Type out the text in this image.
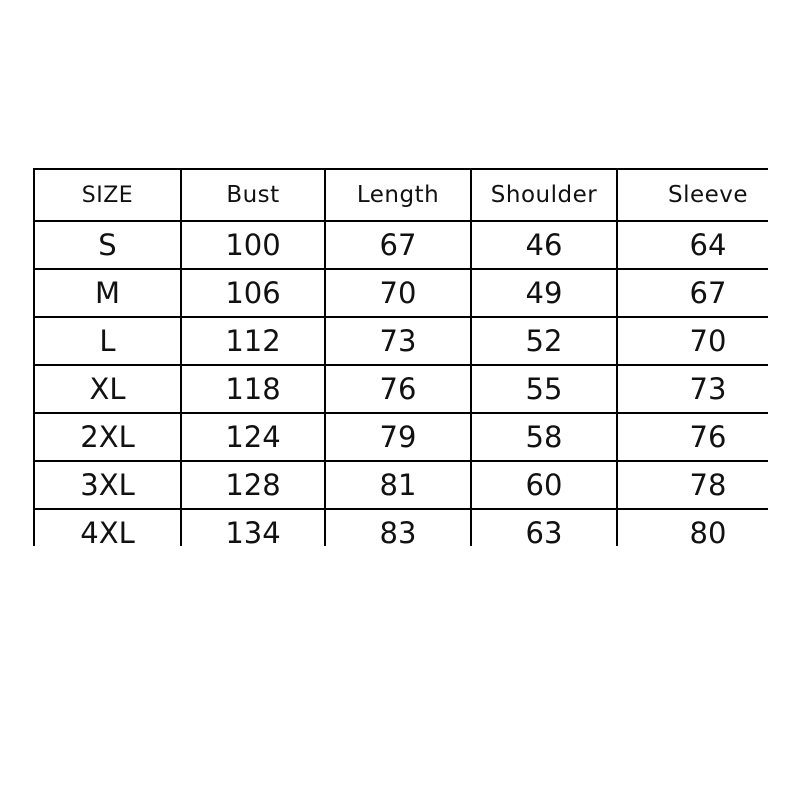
SIZE	Bust	Length	Shoulder	Sleeve
S	100	67	46	64
M	106	70	49	67
L	112	73	52	70
XL	118	76	55	73
2XL	124	79	58	76
3XL	128	81	60	78
4XL	134	83	63	80
